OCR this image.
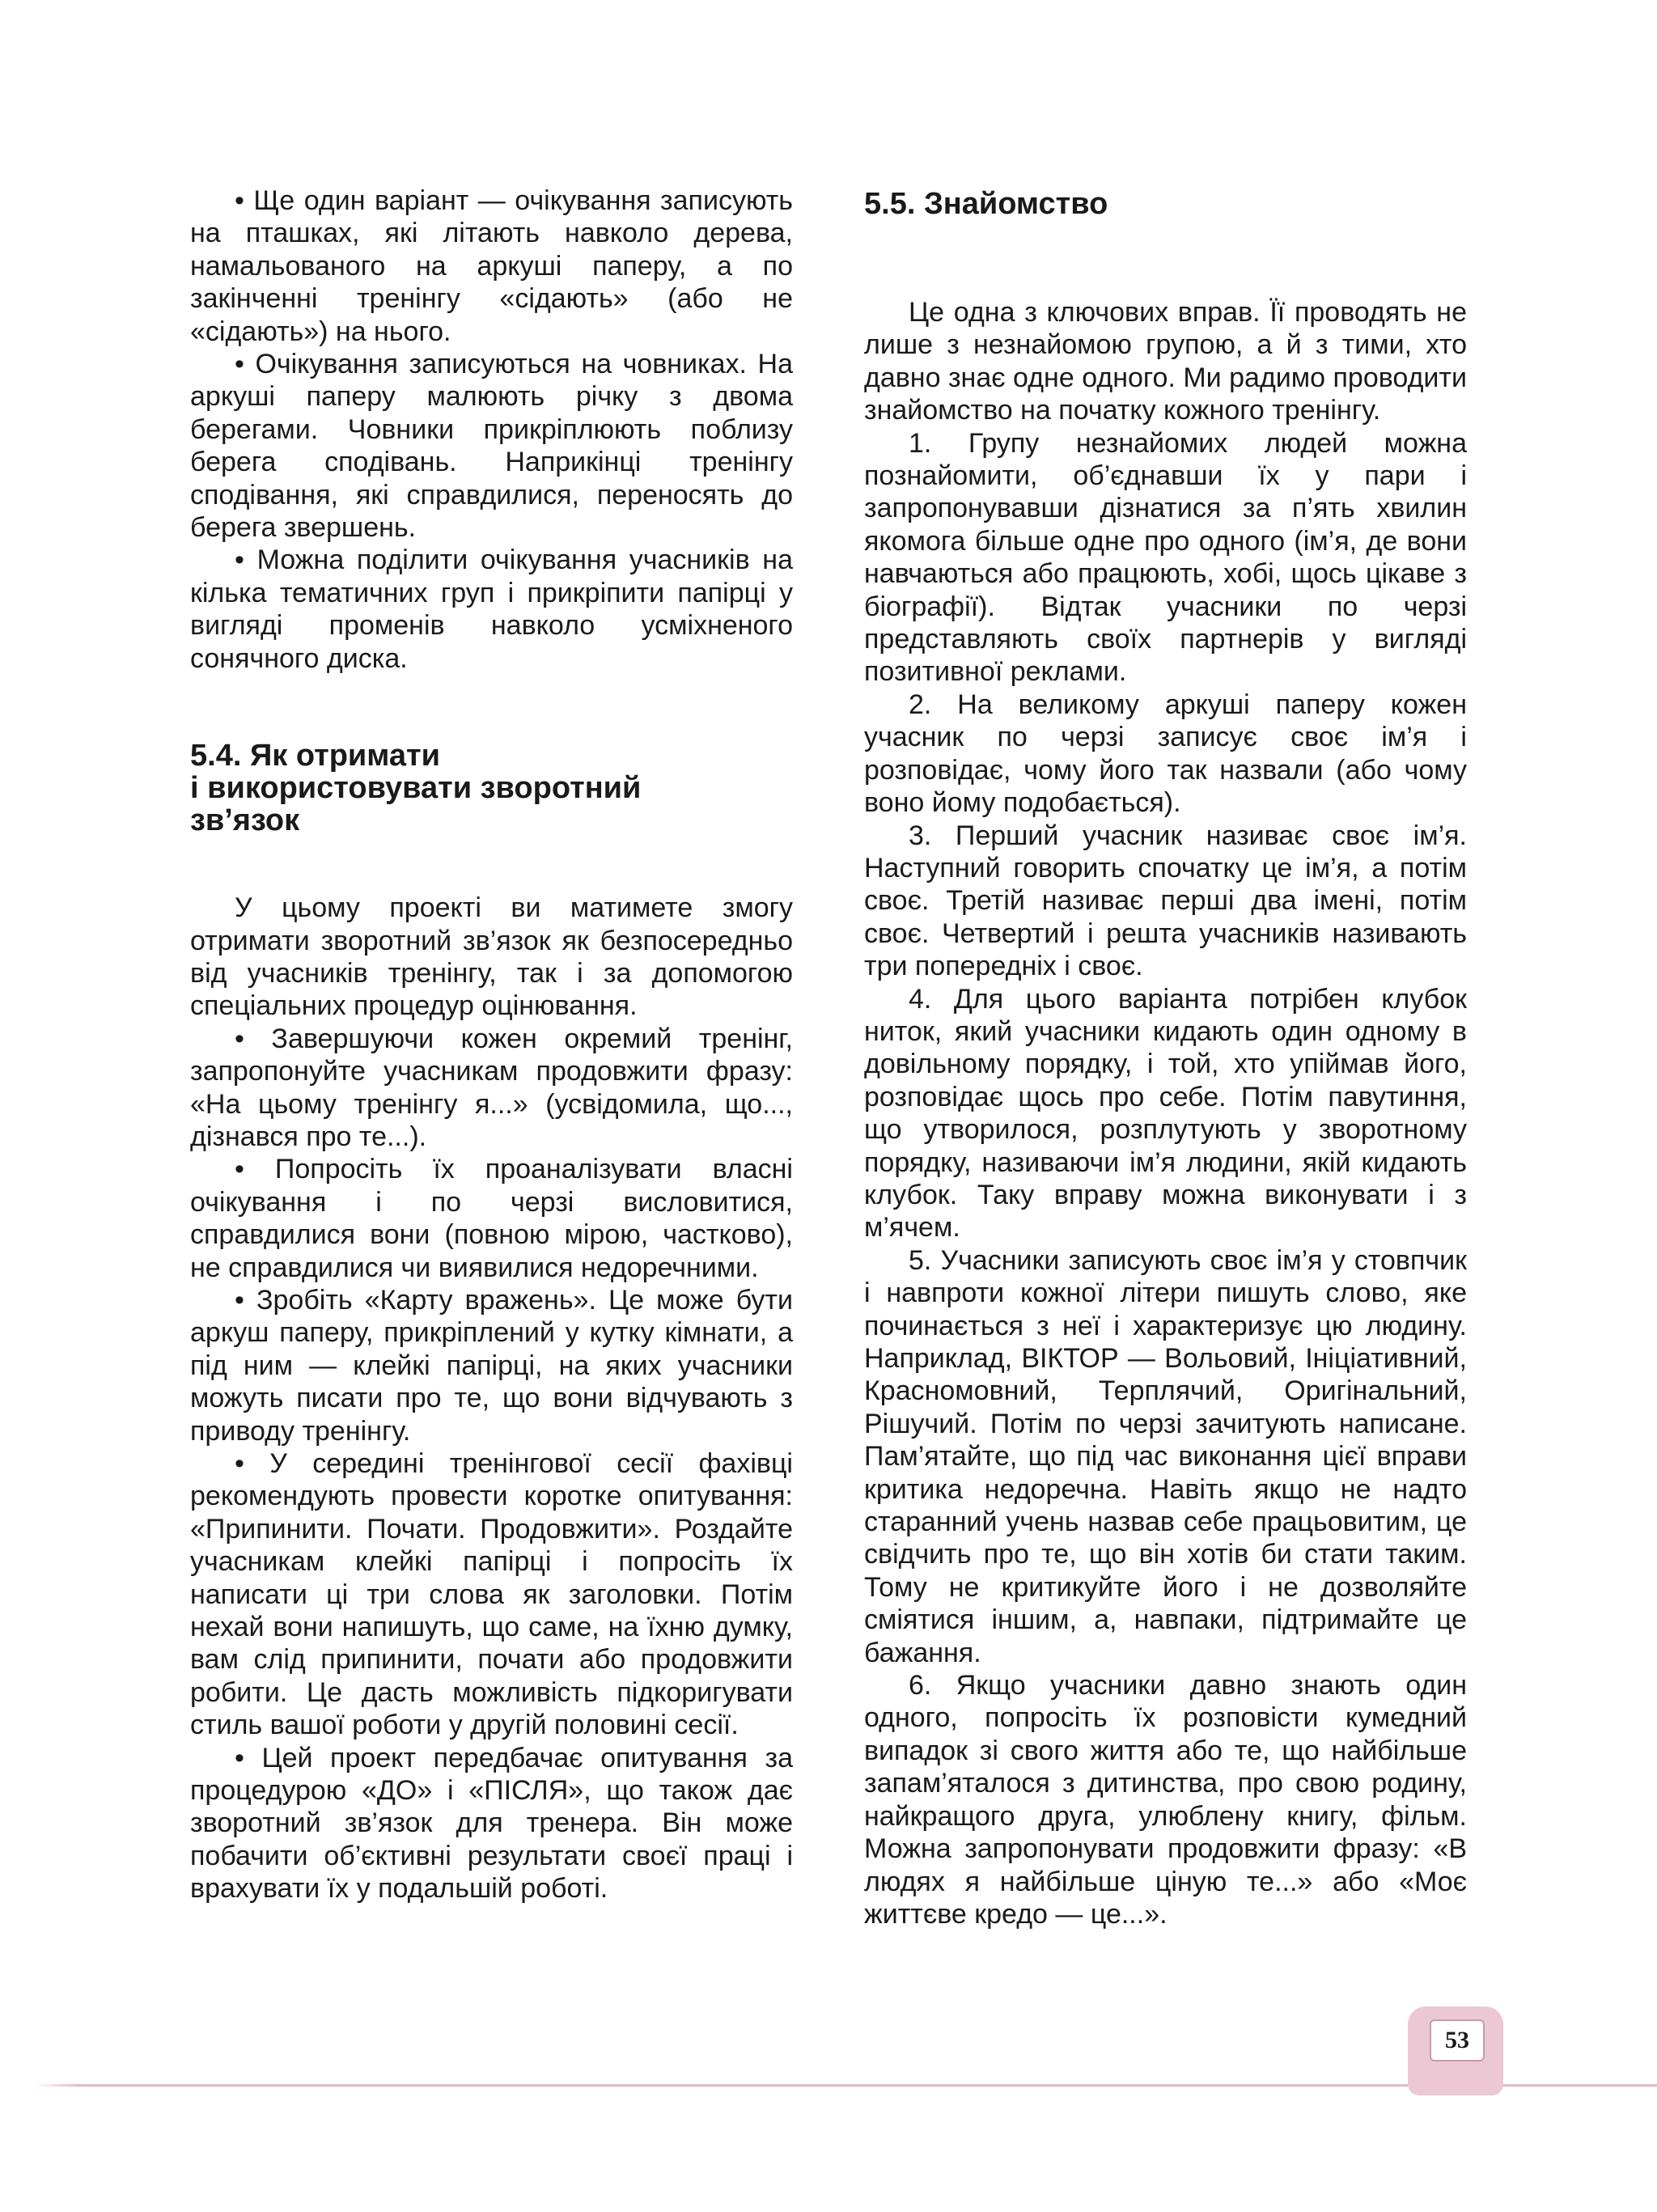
• Ще один варіант — очікування записують на пташках, які літають навколо дерева, намальованого на аркуші паперу, а по закінченні тренінгу «сідають» (або не «сідають») на нього.

• Очікування записуються на човниках. На аркуші паперу малюють річку з двома берегами. Човники прикріплюють поблизу берега сподівань. Наприкінці тренінгу сподівання, які справдилися, переносять до берега звершень.

• Можна поділити очікування учасників на кілька тематичних груп і прикріпити папірці у вигляді променів навколо усміхненого сонячного диска.

5.4. Як отримати
і використовувати зворотний
зв’язок

У цьому проекті ви матимете змогу отримати зворотний зв’язок як безпосередньо від учасників тренінгу, так і за допомогою спеціальних процедур оцінювання.

• Завершуючи кожен окремий тренінг, запропонуйте учасникам продовжити фразу: «На цьому тренінгу я...» (усвідомила, що..., дізнався про те...).

• Попросіть їх проаналізувати власні очікування і по черзі висловитися, справдилися вони (повною мірою, частково), не справдилися чи виявилися недоречними.

• Зробіть «Карту вражень». Це може бути аркуш паперу, прикріплений у кутку кімнати, а під ним — клейкі папірці, на яких учасники можуть писати про те, що вони відчувають з приводу тренінгу.

• У середині тренінгової сесії фахівці рекомендують провести коротке опитування: «Припинити. Почати. Продовжити». Роздайте учасникам клейкі папірці і попросіть їх написати ці три слова як заголовки. Потім нехай вони напишуть, що саме, на їхню думку, вам слід припинити, почати або продовжити робити. Це дасть можливість підкоригувати стиль вашої роботи у другій половині сесії.

• Цей проект передбачає опитування за процедурою «ДО» і «ПІСЛЯ», що також дає зворотний зв’язок для тренера. Він може побачити об’єктивні результати своєї праці і врахувати їх у подальшій роботі.

5.5. Знайомство

Це одна з ключових вправ. Її проводять не лише з незнайомою групою, а й з тими, хто давно знає одне одного. Ми радимо проводити знайомство на початку кожного тренінгу.

1. Групу незнайомих людей можна познайомити, об’єднавши їх у пари і запропонувавши дізнатися за п’ять хвилин якомога більше одне про одного (ім’я, де вони навчаються або працюють, хобі, щось цікаве з біографії). Відтак учасники по черзі представляють своїх партнерів у вигляді позитивної реклами.

2. На великому аркуші паперу кожен учасник по черзі записує своє ім’я і розповідає, чому його так назвали (або чому воно йому подобається).

3. Перший учасник називає своє ім’я. Наступний говорить спочатку це ім’я, а потім своє. Третій називає перші два імені, потім своє. Четвертий і решта учасників називають три попередніх і своє.

4. Для цього варіанта потрібен клубок ниток, який учасники кидають один одному в довільному порядку, і той, хто упіймав його, розповідає щось про себе. Потім павутиння, що утворилося, розплутують у зворотному порядку, називаючи ім’я людини, якій кидають клубок. Таку вправу можна виконувати і з м’ячем.

5. Учасники записують своє ім’я у стовпчик і навпроти кожної літери пишуть слово, яке починається з неї і характеризує цю людину. Наприклад, ВІКТОР — Вольовий, Ініціативний, Красномовний, Терплячий, Оригінальний, Рішучий. Потім по черзі зачитують написане. Пам’ятайте, що під час виконання цієї вправи критика недоречна. Навіть якщо не надто старанний учень назвав себе працьовитим, це свідчить про те, що він хотів би стати таким. Тому не критикуйте його і не дозволяйте сміятися іншим, а, навпаки, підтримайте це бажання.

6. Якщо учасники давно знають один одного, попросіть їх розповісти кумедний випадок зі свого життя або те, що найбільше запам’яталося з дитинства, про свою родину, найкращого друга, улюблену книгу, фільм. Можна запропонувати продовжити фразу: «В людях я найбільше ціную те...» або «Моє життєве кредо — це...».

53
